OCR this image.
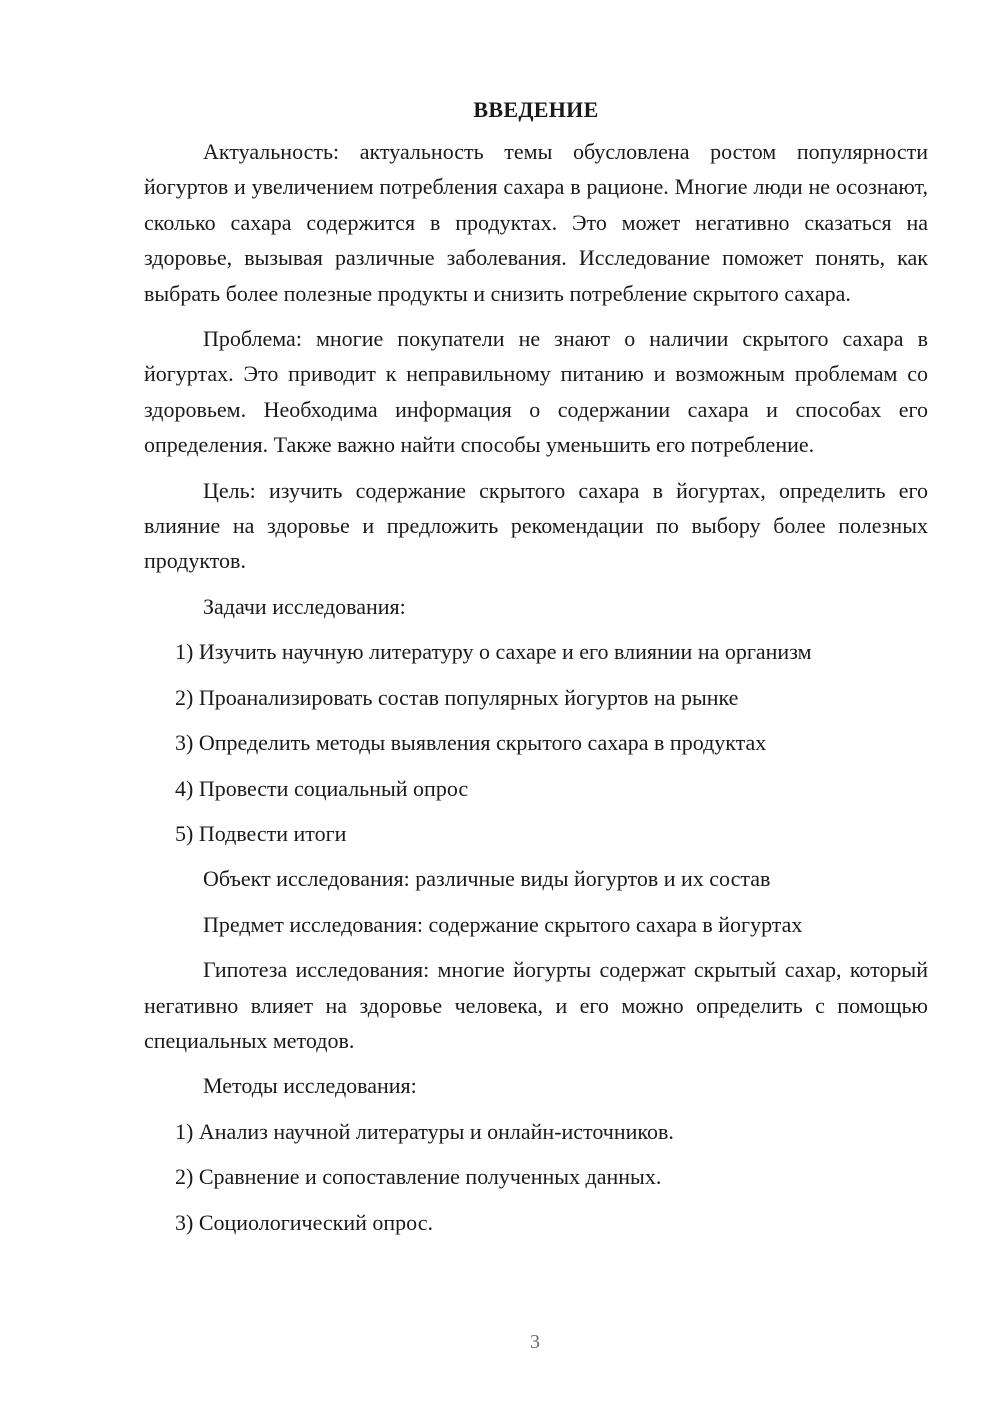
ВВЕДЕНИЕ

Актуальность: актуальность темы обусловлена ростом популярности йогуртов и увеличением потребления сахара в рационе. Многие люди не осознают, сколько сахара содержится в продуктах. Это может негативно сказаться на здоровье, вызывая различные заболевания. Исследование поможет понять, как выбрать более полезные продукты и снизить потребление скрытого сахара.

Проблема: многие покупатели не знают о наличии скрытого сахара в йогуртах. Это приводит к неправильному питанию и возможным проблемам со здоровьем. Необходима информация о содержании сахара и способах его определения. Также важно найти способы уменьшить его потребление.

Цель: изучить содержание скрытого сахара в йогуртах, определить его влияние на здоровье и предложить рекомендации по выбору более полезных продуктов.

Задачи исследования:

1) Изучить научную литературу о сахаре и его влиянии на организм
2) Проанализировать состав популярных йогуртов на рынке
3) Определить методы выявления скрытого сахара в продуктах
4) Провести социальный опрос
5) Подвести итоги

Объект исследования: различные виды йогуртов и их состав

Предмет исследования: содержание скрытого сахара в йогуртах

Гипотеза исследования: многие йогурты содержат скрытый сахар, который негативно влияет на здоровье человека, и его можно определить с помощью специальных методов.

Методы исследования:

1) Анализ научной литературы и онлайн-источников.
2) Сравнение и сопоставление полученных данных.
3) Социологический опрос.
3
